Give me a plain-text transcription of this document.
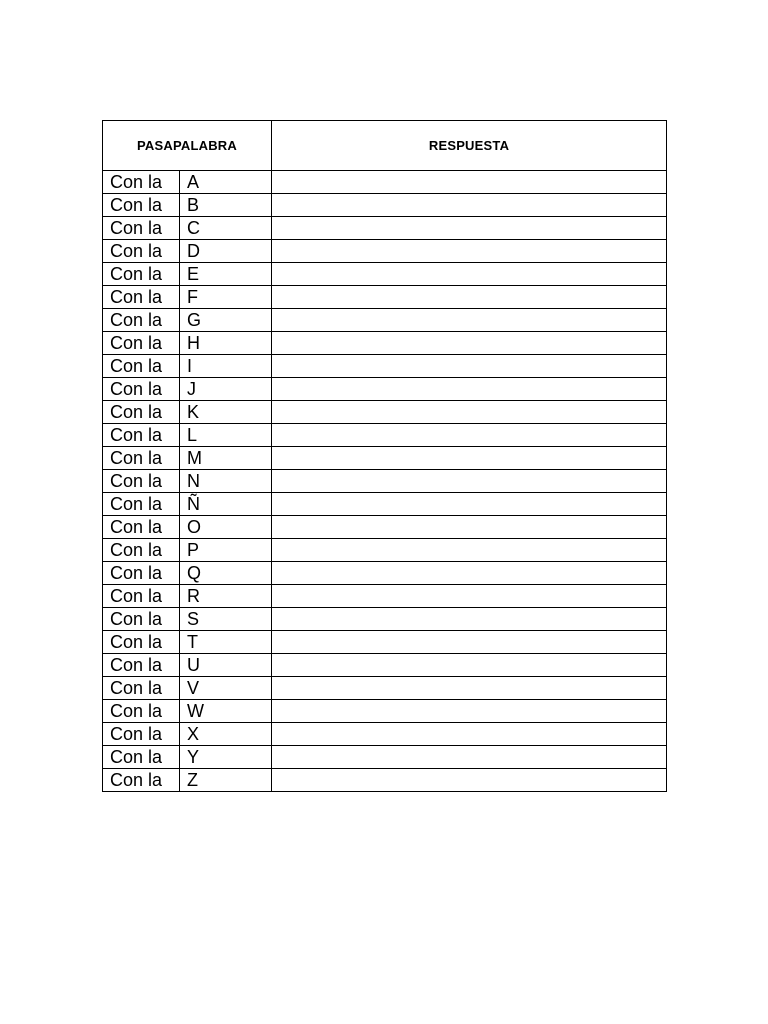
PASAPALABRA		RESPUESTA
Con la	A	
Con la	B	
Con la	C	
Con la	D	
Con la	E	
Con la	F	
Con la	G	
Con la	H	
Con la	I	
Con la	J	
Con la	K	
Con la	L	
Con la	M	
Con la	N	
Con la	Ñ	
Con la	O	
Con la	P	
Con la	Q	
Con la	R	
Con la	S	
Con la	T	
Con la	U	
Con la	V	
Con la	W	
Con la	X	
Con la	Y	
Con la	Z	
